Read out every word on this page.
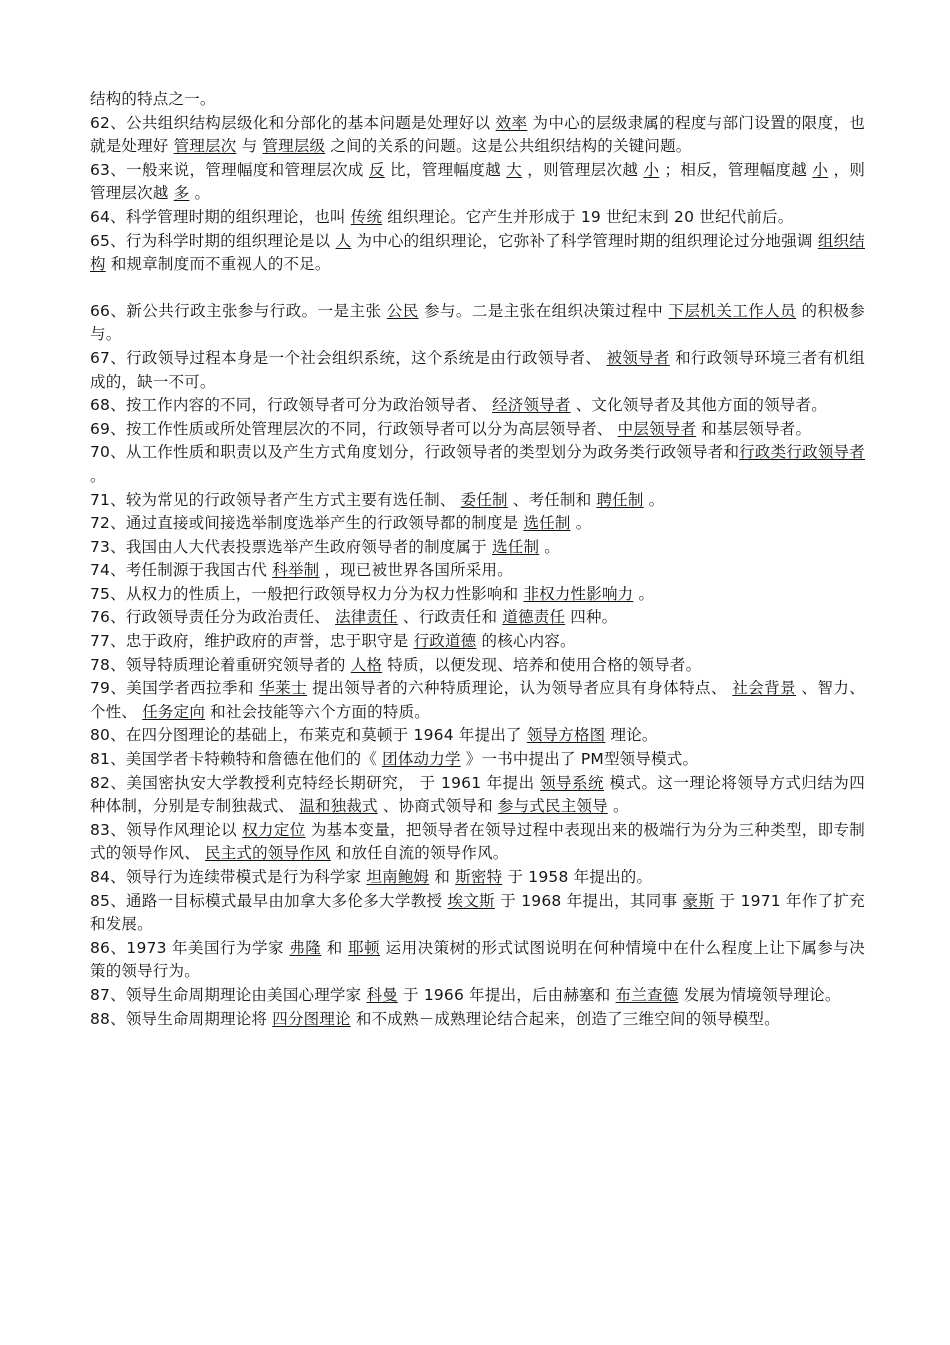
结构的特点之一。

62、公共组织结构层级化和分部化的基本问题是处理好以 效率 为中心的层级隶属的程度与部门设置的限度，也就是处理好 管理层次 与 管理层级 之间的关系的问题。这是公共组织结构的关键问题。

63、一般来说，管理幅度和管理层次成 反 比，管理幅度越 大 ，则管理层次越 小 ；相反，管理幅度越 小 ，则管理层次越 多 。

64、科学管理时期的组织理论，也叫 传统 组织理论。它产生并形成于 19 世纪末到 20 世纪代前后。

65、行为科学时期的组织理论是以 人 为中心的组织理论，它弥补了科学管理时期的组织理论过分地强调 组织结构 和规章制度而不重视人的不足。

66、新公共行政主张参与行政。一是主张 公民 参与。二是主张在组织决策过程中 下层机关工作人员 的积极参与。

67、行政领导过程本身是一个社会组织系统，这个系统是由行政领导者、 被领导者 和行政领导环境三者有机组成的，缺一不可。

68、按工作内容的不同，行政领导者可分为政治领导者、 经济领导者 、文化领导者及其他方面的领导者。

69、按工作性质或所处管理层次的不同，行政领导者可以分为高层领导者、 中层领导者 和基层领导者。

70、从工作性质和职责以及产生方式角度划分，行政领导者的类型划分为政务类行政领导者和行政类行政领导者 。

71、较为常见的行政领导者产生方式主要有选任制、 委任制 、考任制和 聘任制 。

72、通过直接或间接选举制度选举产生的行政领导都的制度是 选任制 。

73、我国由人大代表投票选举产生政府领导者的制度属于 选任制 。

74、考任制源于我国古代 科举制 ，现已被世界各国所采用。

75、从权力的性质上，一般把行政领导权力分为权力性影响和 非权力性影响力 。

76、行政领导责任分为政治责任、 法律责任 、行政责任和 道德责任 四种。

77、忠于政府，维护政府的声誉，忠于职守是 行政道德 的核心内容。

78、领导特质理论着重研究领导者的 人格 特质，以便发现、培养和使用合格的领导者。

79、美国学者西拉季和 华莱士 提出领导者的六种特质理论，认为领导者应具有身体特点、 社会背景 、智力、个性、 任务定向 和社会技能等六个方面的特质。

80、在四分图理论的基础上，布莱克和莫顿于 1964 年提出了 领导方格图 理论。

81、美国学者卡特赖特和詹德在他们的《 团体动力学 》一书中提出了 PM型领导模式。

82、美国密执安大学教授利克特经长期研究， 于 1961 年提出 领导系统 模式。这一理论将领导方式归结为四种体制，分别是专制独裁式、 温和独裁式 、协商式领导和 参与式民主领导 。

83、领导作风理论以 权力定位 为基本变量，把领导者在领导过程中表现出来的极端行为分为三种类型，即专制式的领导作风、 民主式的领导作风 和放任自流的领导作风。

84、领导行为连续带模式是行为科学家 坦南鲍姆 和 斯密特 于 1958 年提出的。

85、通路一目标模式最早由加拿大多伦多大学教授 埃文斯 于 1968 年提出，其同事 豪斯 于 1971 年作了扩充和发展。

86、1973 年美国行为学家 弗隆 和 耶顿 运用决策树的形式试图说明在何种情境中在什么程度上让下属参与决策的领导行为。

87、领导生命周期理论由美国心理学家 科曼 于 1966 年提出，后由赫塞和 布兰查德 发展为情境领导理论。

88、领导生命周期理论将 四分图理论 和不成熟－成熟理论结合起来，创造了三维空间的领导模型。
